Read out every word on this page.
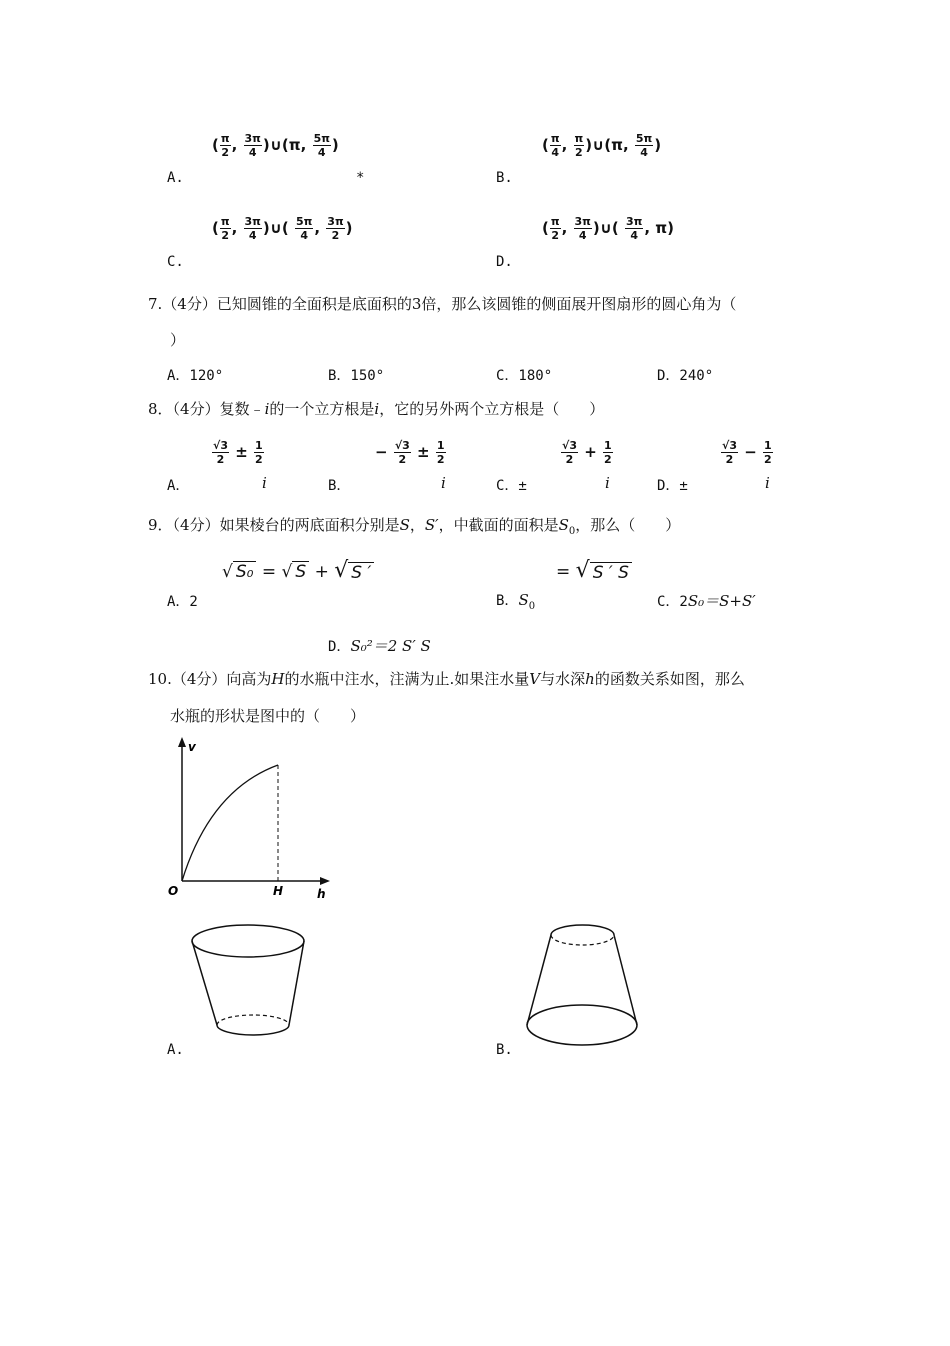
( $\frac{\pi}{2}$ , $\frac{3\pi}{4}$ )∪(π, $\frac{5\pi}{4}$ )
A.	*
( $\frac{\pi}{4}$ , $\frac{\pi}{2}$ )∪(π, $\frac{5\pi}{4}$ )
B.
( $\frac{\pi}{2}$ , $\frac{3\pi}{4}$ )∪( $\frac{5\pi}{4}$ , $\frac{3\pi}{2}$ )
C.
( $\frac{\pi}{2}$ , $\frac{3\pi}{4}$ )∪( $\frac{3\pi}{4}$ , π)
D.
7.（4分）已知圆锥的全面积是底面积的3倍，那么该圆锥的侧面展开图扇形的圆心角为（
）
A．120°	B．150°	C．180°	D．240°
8．（4分）复数﹣i的一个立方根是i，它的另外两个立方根是（　　）
$\frac{√3}{2} \pm \frac{1}{2}$
A．	i
− $\frac{√3}{2} \pm \frac{1}{2}$
B．	i
$\frac{√3}{2} + \frac{1}{2}$
C．±	i
$\frac{√3}{2} - \frac{1}{2}$
D．±	i
9．（4分）如果棱台的两底面积分别是S，S′，中截面的面积是$S_0$，那么（　　）
√ S₀ = √ S + √ S ′
A．2
= √ S ′ S
B．$S_0$	C．2S₀＝S+S′
D．S₀²＝2 S′ S
10.（4分）向高为H的水瓶中注水，注满为止.如果注水量V与水深h的函数关系如图，那么
水瓶的形状是图中的（　　）
v
O	H	h
A.	B.
